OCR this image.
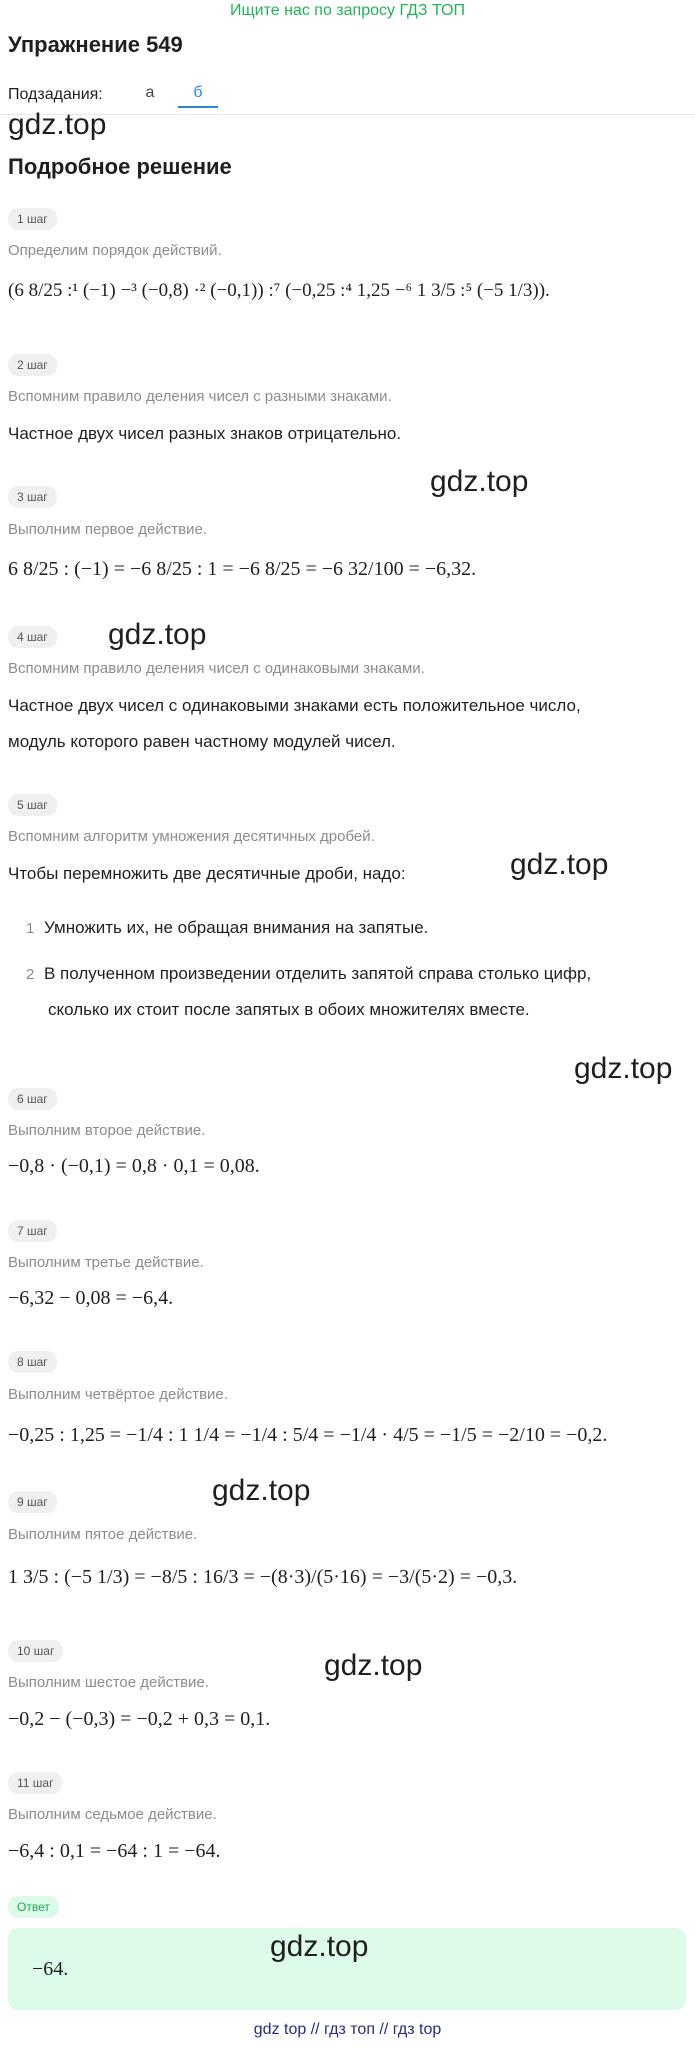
Ищите нас по запросу ГДЗ ТОП
Упражнение 549
Подзадания:	а	б
gdz.top
Подробное решение
1 шаг
Определим порядок действий.
(6 8/25 :¹ (−1) −³ (−0,8) ·² (−0,1)) :⁷ (−0,25 :⁴ 1,25 −⁶ 1 3/5 :⁵ (−5 1/3)).
2 шаг
Вспомним правило деления чисел с разными знаками.
Частное двух чисел разных знаков отрицательно.
gdz.top
3 шаг
Выполним первое действие.
6 8/25 : (−1) = −6 8/25 : 1 = −6 8/25 = −6 32/100 = −6,32.
4 шаг	gdz.top
Вспомним правило деления чисел с одинаковыми знаками.
Частное двух чисел с одинаковыми знаками есть положительное число,
модуль которого равен частному модулей чисел.
5 шаг
Вспомним алгоритм умножения десятичных дробей.
Чтобы перемножить две десятичные дроби, надо:	gdz.top
1 Умножить их, не обращая внимания на запятые.
2 В полученном произведении отделить запятой справа столько цифр,
сколько их стоит после запятых в обоих множителях вместе.
gdz.top
6 шаг
Выполним второе действие.
−0,8 · (−0,1) = 0,8 · 0,1 = 0,08.
7 шаг
Выполним третье действие.
−6,32 − 0,08 = −6,4.
8 шаг
Выполним четвёртое действие.
−0,25 : 1,25 = −1/4 : 1 1/4 = −1/4 : 5/4 = −1/4 · 4/5 = −1/5 = −2/10 = −0,2.
gdz.top
9 шаг
Выполним пятое действие.
1 3/5 : (−5 1/3) = −8/5 : 16/3 = −(8·3)/(5·16) = −3/(5·2) = −0,3.
10 шаг	gdz.top
Выполним шестое действие.
−0,2 − (−0,3) = −0,2 + 0,3 = 0,1.
11 шаг
Выполним седьмое действие.
−6,4 : 0,1 = −64 : 1 = −64.
Ответ
−64.
gdz.top
gdz top // гдз топ // гдз top
